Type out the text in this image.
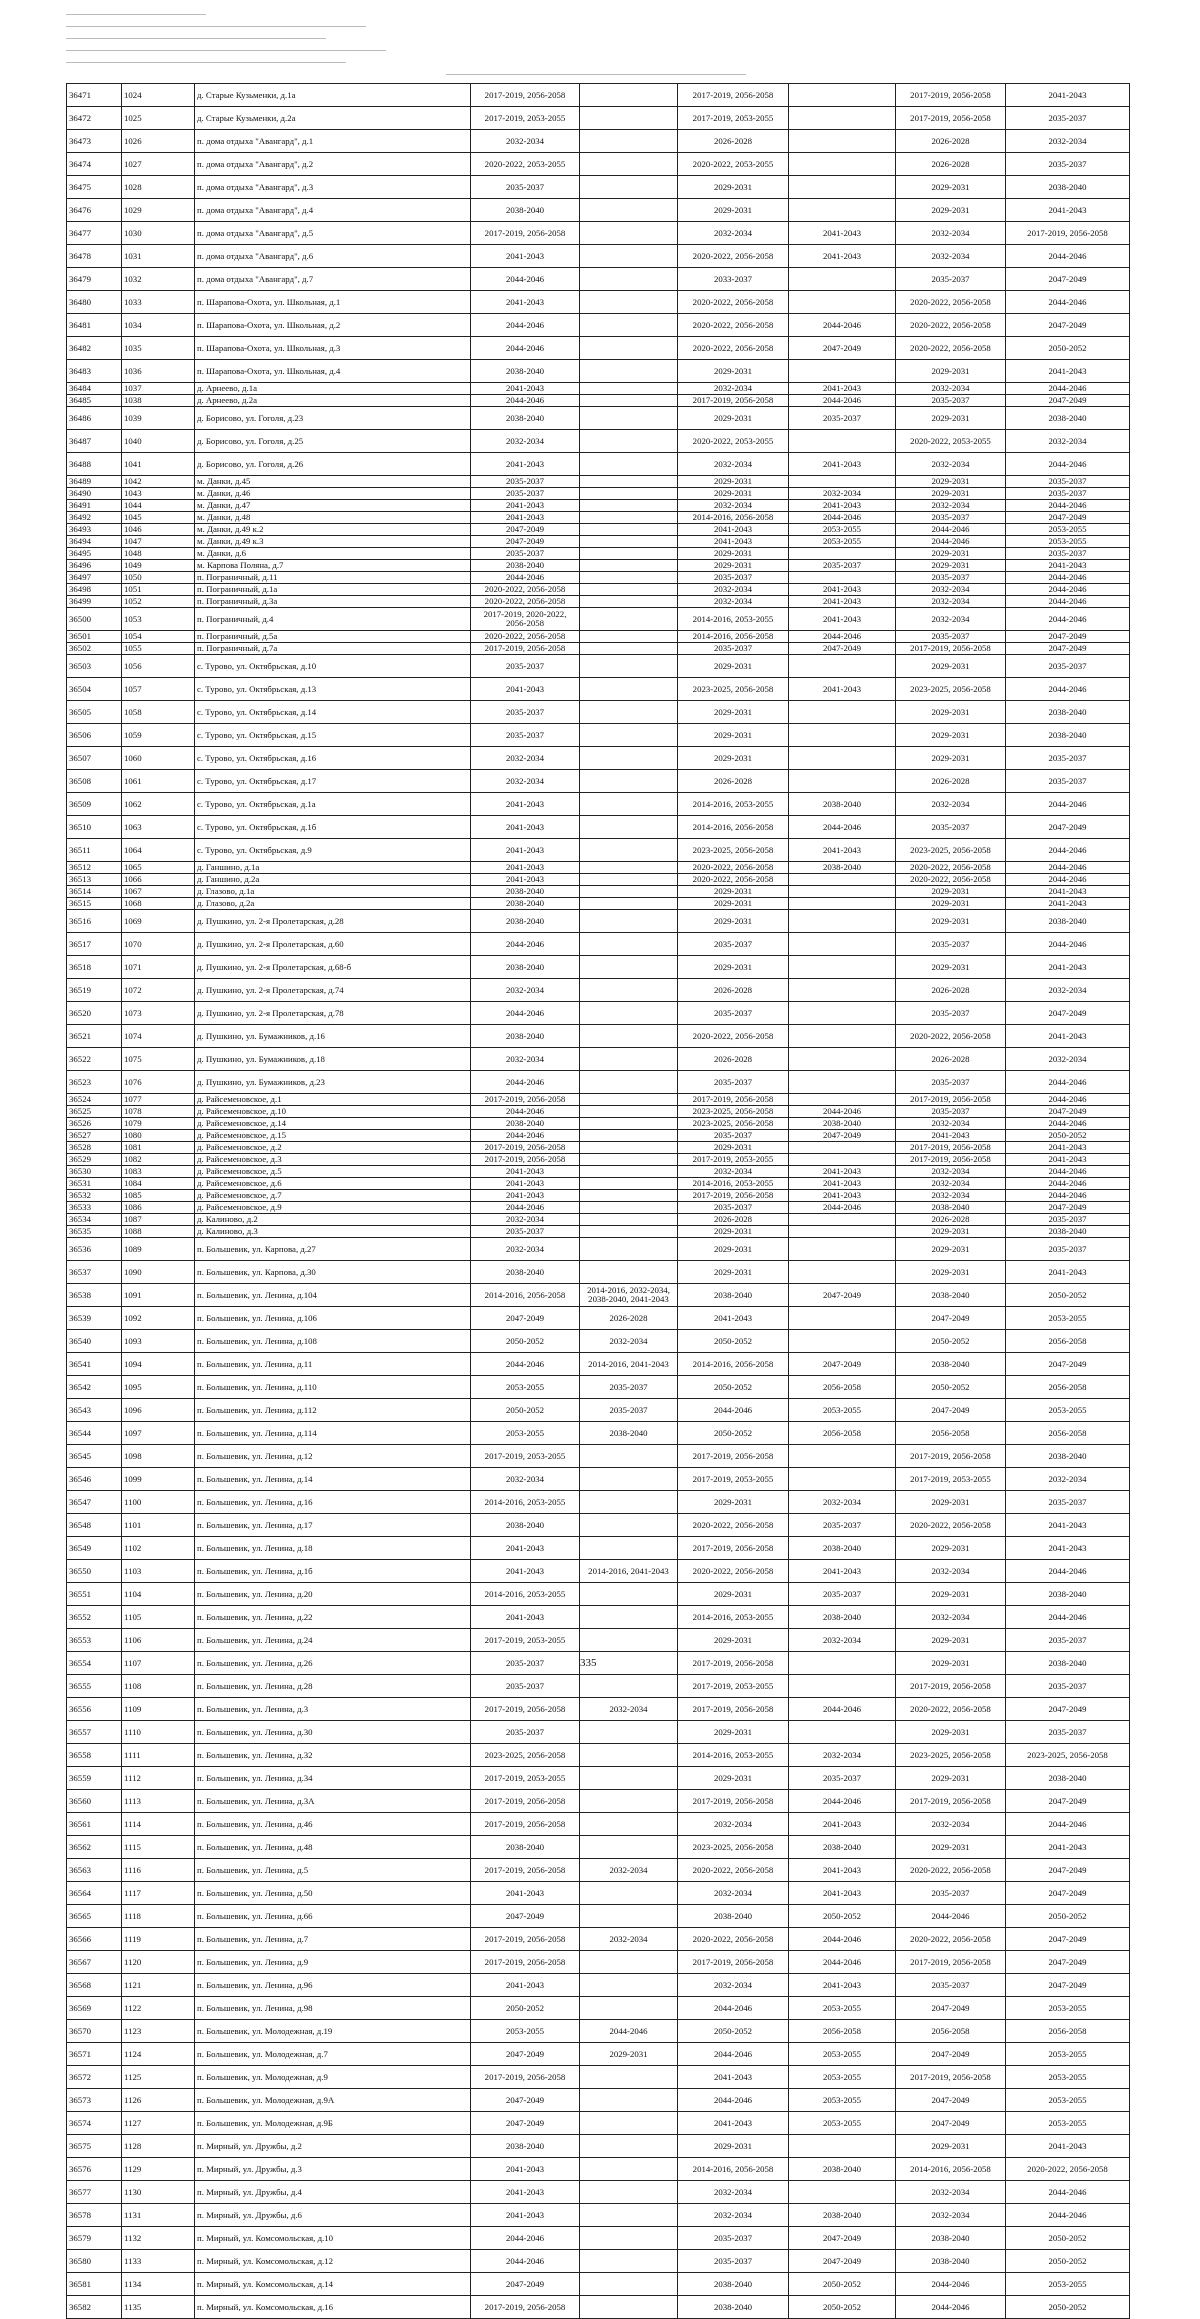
36471	1024	д. Старые Кузьменки, д.1а	2017-2019, 2056-2058		2017-2019, 2056-2058		2017-2019, 2056-2058	2041-2043
36472	1025	д. Старые Кузьменки, д.2а	2017-2019, 2053-2055		2017-2019, 2053-2055		2017-2019, 2056-2058	2035-2037
36473	1026	п. дома отдыха "Авангард", д.1	2032-2034		2026-2028		2026-2028	2032-2034
36474	1027	п. дома отдыха "Авангард", д.2	2020-2022, 2053-2055		2020-2022, 2053-2055		2026-2028	2035-2037
36475	1028	п. дома отдыха "Авангард", д.3	2035-2037		2029-2031		2029-2031	2038-2040
36476	1029	п. дома отдыха "Авангард", д.4	2038-2040		2029-2031		2029-2031	2041-2043
36477	1030	п. дома отдыха "Авангард", д.5	2017-2019, 2056-2058		2032-2034	2041-2043	2032-2034	2017-2019, 2056-2058
36478	1031	п. дома отдыха "Авангард", д.6	2041-2043		2020-2022, 2056-2058	2041-2043	2032-2034	2044-2046
36479	1032	п. дома отдыха "Авангард", д.7	2044-2046		2033-2037		2035-2037	2047-2049
36480	1033	п. Шарапова-Охота, ул. Школьная, д.1	2041-2043		2020-2022, 2056-2058		2020-2022, 2056-2058	2044-2046
36481	1034	п. Шарапова-Охота, ул. Школьная, д.2	2044-2046		2020-2022, 2056-2058	2044-2046	2020-2022, 2056-2058	2047-2049
36482	1035	п. Шарапова-Охота, ул. Школьная, д.3	2044-2046		2020-2022, 2056-2058	2047-2049	2020-2022, 2056-2058	2050-2052
36483	1036	п. Шарапова-Охота, ул. Школьная, д.4	2038-2040		2029-2031		2029-2031	2041-2043
36484	1037	д. Арнеево, д.1а	2041-2043		2032-2034	2041-2043	2032-2034	2044-2046
36485	1038	д. Арнеево, д.2а	2044-2046		2017-2019, 2056-2058	2044-2046	2035-2037	2047-2049
36486	1039	д. Борисово, ул. Гоголя, д.23	2038-2040		2029-2031	2035-2037	2029-2031	2038-2040
36487	1040	д. Борисово, ул. Гоголя, д.25	2032-2034		2020-2022, 2053-2055		2020-2022, 2053-2055	2032-2034
36488	1041	д. Борисово, ул. Гоголя, д.26	2041-2043		2032-2034	2041-2043	2032-2034	2044-2046
36489	1042	м. Данки, д.45	2035-2037		2029-2031		2029-2031	2035-2037
36490	1043	м. Данки, д.46	2035-2037		2029-2031	2032-2034	2029-2031	2035-2037
36491	1044	м. Данки, д.47	2041-2043		2032-2034	2041-2043	2032-2034	2044-2046
36492	1045	м. Данки, д.48	2041-2043		2014-2016, 2056-2058	2044-2046	2035-2037	2047-2049
36493	1046	м. Данки, д.49 к.2	2047-2049		2041-2043	2053-2055	2044-2046	2053-2055
36494	1047	м. Данки, д.49 к.3	2047-2049		2041-2043	2053-2055	2044-2046	2053-2055
36495	1048	м. Данки, д.6	2035-2037		2029-2031		2029-2031	2035-2037
36496	1049	м. Карпова Поляна, д.7	2038-2040		2029-2031	2035-2037	2029-2031	2041-2043
36497	1050	п. Пограничный, д.11	2044-2046		2035-2037		2035-2037	2044-2046
36498	1051	п. Пограничный, д.1а	2020-2022, 2056-2058		2032-2034	2041-2043	2032-2034	2044-2046
36499	1052	п. Пограничный, д.3а	2020-2022, 2056-2058		2032-2034	2041-2043	2032-2034	2044-2046
36500	1053	п. Пограничный, д.4	2017-2019, 2020-2022, 2056-2058		2014-2016, 2053-2055	2041-2043	2032-2034	2044-2046
36501	1054	п. Пограничный, д.5а	2020-2022, 2056-2058		2014-2016, 2056-2058	2044-2046	2035-2037	2047-2049
36502	1055	п. Пограничный, д.7а	2017-2019, 2056-2058		2035-2037	2047-2049	2017-2019, 2056-2058	2047-2049
36503	1056	с. Турово, ул. Октябрьская, д.10	2035-2037		2029-2031		2029-2031	2035-2037
36504	1057	с. Турово, ул. Октябрьская, д.13	2041-2043		2023-2025, 2056-2058	2041-2043	2023-2025, 2056-2058	2044-2046
36505	1058	с. Турово, ул. Октябрьская, д.14	2035-2037		2029-2031		2029-2031	2038-2040
36506	1059	с. Турово, ул. Октябрьская, д.15	2035-2037		2029-2031		2029-2031	2038-2040
36507	1060	с. Турово, ул. Октябрьская, д.16	2032-2034		2029-2031		2029-2031	2035-2037
36508	1061	с. Турово, ул. Октябрьская, д.17	2032-2034		2026-2028		2026-2028	2035-2037
36509	1062	с. Турово, ул. Октябрьская, д.1а	2041-2043		2014-2016, 2053-2055	2038-2040	2032-2034	2044-2046
36510	1063	с. Турово, ул. Октябрьская, д.1б	2041-2043		2014-2016, 2056-2058	2044-2046	2035-2037	2047-2049
36511	1064	с. Турово, ул. Октябрьская, д.9	2041-2043		2023-2025, 2056-2058	2041-2043	2023-2025, 2056-2058	2044-2046
36512	1065	д. Ганшино, д.1а	2041-2043		2020-2022, 2056-2058	2038-2040	2020-2022, 2056-2058	2044-2046
36513	1066	д. Ганшино, д.2а	2041-2043		2020-2022, 2056-2058		2020-2022, 2056-2058	2044-2046
36514	1067	д. Глазово, д.1а	2038-2040		2029-2031		2029-2031	2041-2043
36515	1068	д. Глазово, д.2а	2038-2040		2029-2031		2029-2031	2041-2043
36516	1069	д. Пушкино, ул. 2-я Пролетарская, д.28	2038-2040		2029-2031		2029-2031	2038-2040
36517	1070	д. Пушкино, ул. 2-я Пролетарская, д.60	2044-2046		2035-2037		2035-2037	2044-2046
36518	1071	д. Пушкино, ул. 2-я Пролетарская, д.68-б	2038-2040		2029-2031		2029-2031	2041-2043
36519	1072	д. Пушкино, ул. 2-я Пролетарская, д.74	2032-2034		2026-2028		2026-2028	2032-2034
36520	1073	д. Пушкино, ул. 2-я Пролетарская, д.78	2044-2046		2035-2037		2035-2037	2047-2049
36521	1074	д. Пушкино, ул. Бумажников, д.16	2038-2040		2020-2022, 2056-2058		2020-2022, 2056-2058	2041-2043
36522	1075	д. Пушкино, ул. Бумажников, д.18	2032-2034		2026-2028		2026-2028	2032-2034
36523	1076	д. Пушкино, ул. Бумажников, д.23	2044-2046		2035-2037		2035-2037	2044-2046
36524	1077	д. Райсеменовское, д.1	2017-2019, 2056-2058		2017-2019, 2056-2058		2017-2019, 2056-2058	2044-2046
36525	1078	д. Райсеменовское, д.10	2044-2046		2023-2025, 2056-2058	2044-2046	2035-2037	2047-2049
36526	1079	д. Райсеменовское, д.14	2038-2040		2023-2025, 2056-2058	2038-2040	2032-2034	2044-2046
36527	1080	д. Райсеменовское, д.15	2044-2046		2035-2037	2047-2049	2041-2043	2050-2052
36528	1081	д. Райсеменовское, д.2	2017-2019, 2056-2058		2029-2031		2017-2019, 2056-2058	2041-2043
36529	1082	д. Райсеменовское, д.3	2017-2019, 2056-2058		2017-2019, 2053-2055		2017-2019, 2056-2058	2041-2043
36530	1083	д. Райсеменовское, д.5	2041-2043		2032-2034	2041-2043	2032-2034	2044-2046
36531	1084	д. Райсеменовское, д.6	2041-2043		2014-2016, 2053-2055	2041-2043	2032-2034	2044-2046
36532	1085	д. Райсеменовское, д.7	2041-2043		2017-2019, 2056-2058	2041-2043	2032-2034	2044-2046
36533	1086	д. Райсеменовское, д.9	2044-2046		2035-2037	2044-2046	2038-2040	2047-2049
36534	1087	д. Калиново, д.2	2032-2034		2026-2028		2026-2028	2035-2037
36535	1088	д. Калиново, д.3	2035-2037		2029-2031		2029-2031	2038-2040
36536	1089	п. Большевик, ул. Карпова, д.27	2032-2034		2029-2031		2029-2031	2035-2037
36537	1090	п. Большевик, ул. Карпова, д.30	2038-2040		2029-2031		2029-2031	2041-2043
36538	1091	п. Большевик, ул. Ленина, д.104	2014-2016, 2056-2058	2014-2016, 2032-2034, 2038-2040, 2041-2043	2038-2040	2047-2049	2038-2040	2050-2052
36539	1092	п. Большевик, ул. Ленина, д.106	2047-2049	2026-2028	2041-2043		2047-2049	2053-2055
36540	1093	п. Большевик, ул. Ленина, д.108	2050-2052	2032-2034	2050-2052		2050-2052	2056-2058
36541	1094	п. Большевик, ул. Ленина, д.11	2044-2046	2014-2016, 2041-2043	2014-2016, 2056-2058	2047-2049	2038-2040	2047-2049
36542	1095	п. Большевик, ул. Ленина, д.110	2053-2055	2035-2037	2050-2052	2056-2058	2050-2052	2056-2058
36543	1096	п. Большевик, ул. Ленина, д.112	2050-2052	2035-2037	2044-2046	2053-2055	2047-2049	2053-2055
36544	1097	п. Большевик, ул. Ленина, д.114	2053-2055	2038-2040	2050-2052	2056-2058	2056-2058	2056-2058
36545	1098	п. Большевик, ул. Ленина, д.12	2017-2019, 2053-2055		2017-2019, 2056-2058		2017-2019, 2056-2058	2038-2040
36546	1099	п. Большевик, ул. Ленина, д.14	2032-2034		2017-2019, 2053-2055		2017-2019, 2053-2055	2032-2034
36547	1100	п. Большевик, ул. Ленина, д.16	2014-2016, 2053-2055		2029-2031	2032-2034	2029-2031	2035-2037
36548	1101	п. Большевик, ул. Ленина, д.17	2038-2040		2020-2022, 2056-2058	2035-2037	2020-2022, 2056-2058	2041-2043
36549	1102	п. Большевик, ул. Ленина, д.18	2041-2043		2017-2019, 2056-2058	2038-2040	2029-2031	2041-2043
36550	1103	п. Большевик, ул. Ленина, д.1б	2041-2043	2014-2016, 2041-2043	2020-2022, 2056-2058	2041-2043	2032-2034	2044-2046
36551	1104	п. Большевик, ул. Ленина, д.20	2014-2016, 2053-2055		2029-2031	2035-2037	2029-2031	2038-2040
36552	1105	п. Большевик, ул. Ленина, д.22	2041-2043		2014-2016, 2053-2055	2038-2040	2032-2034	2044-2046
36553	1106	п. Большевик, ул. Ленина, д.24	2017-2019, 2053-2055		2029-2031	2032-2034	2029-2031	2035-2037
36554	1107	п. Большевик, ул. Ленина, д.26	2035-2037		2017-2019, 2056-2058		2029-2031	2038-2040
36555	1108	п. Большевик, ул. Ленина, д.28	2035-2037		2017-2019, 2053-2055		2017-2019, 2056-2058	2035-2037
36556	1109	п. Большевик, ул. Ленина, д.3	2017-2019, 2056-2058	2032-2034	2017-2019, 2056-2058	2044-2046	2020-2022, 2056-2058	2047-2049
36557	1110	п. Большевик, ул. Ленина, д.30	2035-2037		2029-2031		2029-2031	2035-2037
36558	1111	п. Большевик, ул. Ленина, д.32	2023-2025, 2056-2058		2014-2016, 2053-2055	2032-2034	2023-2025, 2056-2058	2023-2025, 2056-2058
36559	1112	п. Большевик, ул. Ленина, д.34	2017-2019, 2053-2055		2029-2031	2035-2037	2029-2031	2038-2040
36560	1113	п. Большевик, ул. Ленина, д.3А	2017-2019, 2056-2058		2017-2019, 2056-2058	2044-2046	2017-2019, 2056-2058	2047-2049
36561	1114	п. Большевик, ул. Ленина, д.46	2017-2019, 2056-2058		2032-2034	2041-2043	2032-2034	2044-2046
36562	1115	п. Большевик, ул. Ленина, д.48	2038-2040		2023-2025, 2056-2058	2038-2040	2029-2031	2041-2043
36563	1116	п. Большевик, ул. Ленина, д.5	2017-2019, 2056-2058	2032-2034	2020-2022, 2056-2058	2041-2043	2020-2022, 2056-2058	2047-2049
36564	1117	п. Большевик, ул. Ленина, д.50	2041-2043		2032-2034	2041-2043	2035-2037	2047-2049
36565	1118	п. Большевик, ул. Ленина, д.66	2047-2049		2038-2040	2050-2052	2044-2046	2050-2052
36566	1119	п. Большевик, ул. Ленина, д.7	2017-2019, 2056-2058	2032-2034	2020-2022, 2056-2058	2044-2046	2020-2022, 2056-2058	2047-2049
36567	1120	п. Большевик, ул. Ленина, д.9	2017-2019, 2056-2058		2017-2019, 2056-2058	2044-2046	2017-2019, 2056-2058	2047-2049
36568	1121	п. Большевик, ул. Ленина, д.96	2041-2043		2032-2034	2041-2043	2035-2037	2047-2049
36569	1122	п. Большевик, ул. Ленина, д.98	2050-2052		2044-2046	2053-2055	2047-2049	2053-2055
36570	1123	п. Большевик, ул. Молодежная, д.19	2053-2055	2044-2046	2050-2052	2056-2058	2056-2058	2056-2058
36571	1124	п. Большевик, ул. Молодежная, д.7	2047-2049	2029-2031	2044-2046	2053-2055	2047-2049	2053-2055
36572	1125	п. Большевик, ул. Молодежная, д.9	2017-2019, 2056-2058		2041-2043	2053-2055	2017-2019, 2056-2058	2053-2055
36573	1126	п. Большевик, ул. Молодежная, д.9А	2047-2049		2044-2046	2053-2055	2047-2049	2053-2055
36574	1127	п. Большевик, ул. Молодежная, д.9Б	2047-2049		2041-2043	2053-2055	2047-2049	2053-2055
36575	1128	п. Мирный, ул. Дружбы, д.2	2038-2040		2029-2031		2029-2031	2041-2043
36576	1129	п. Мирный, ул. Дружбы, д.3	2041-2043		2014-2016, 2056-2058	2038-2040	2014-2016, 2056-2058	2020-2022, 2056-2058
36577	1130	п. Мирный, ул. Дружбы, д.4	2041-2043		2032-2034		2032-2034	2044-2046
36578	1131	п. Мирный, ул. Дружбы, д.6	2041-2043		2032-2034	2038-2040	2032-2034	2044-2046
36579	1132	п. Мирный, ул. Комсомольская, д.10	2044-2046		2035-2037	2047-2049	2038-2040	2050-2052
36580	1133	п. Мирный, ул. Комсомольская, д.12	2044-2046		2035-2037	2047-2049	2038-2040	2050-2052
36581	1134	п. Мирный, ул. Комсомольская, д.14	2047-2049		2038-2040	2050-2052	2044-2046	2053-2055
36582	1135	п. Мирный, ул. Комсомольская, д.16	2017-2019, 2056-2058		2038-2040	2050-2052	2044-2046	2050-2052
335
